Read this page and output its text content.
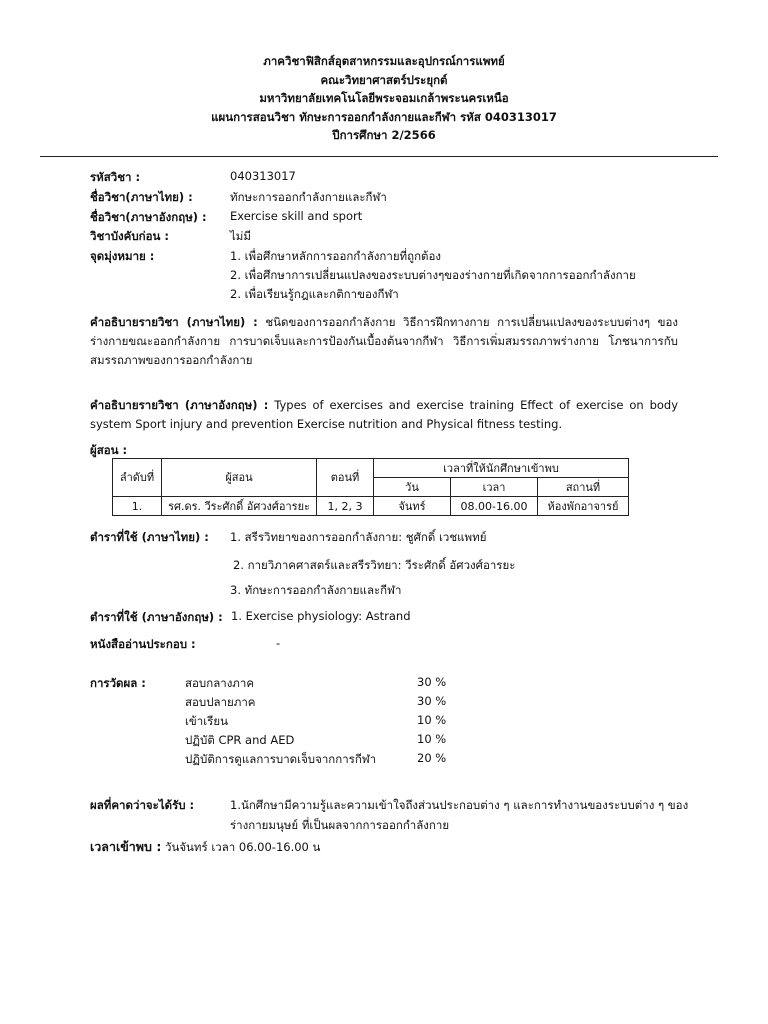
ภาควิชาฟิสิกส์อุตสาหกรรมและอุปกรณ์การแพทย์
คณะวิทยาศาสตร์ประยุกต์
มหาวิทยาลัยเทคโนโลยีพระจอมเกล้าพระนครเหนือ
แผนการสอนวิชา ทักษะการออกกำลังกายและกีฬา รหัส 040313017
ปีการศึกษา 2/2566
รหัสวิชา :	040313017
ชื่อวิชา(ภาษาไทย) :	ทักษะการออกกำลังกายและกีฬา
ชื่อวิชา(ภาษาอังกฤษ) : Exercise skill and sport
วิชาบังคับก่อน :	ไม่มี
จุดมุ่งหมาย :	1. เพื่อศึกษาหลักการออกกำลังกายที่ถูกต้อง
2. เพื่อศึกษาการเปลี่ยนแปลงของระบบต่างๆของร่างกายที่เกิดจากการออกกำลังกาย
2. เพื่อเรียนรู้กฎและกติกาของกีฬา
คำอธิบายรายวิชา (ภาษาไทย) : ชนิดของการออกกำลังกาย วิธีการฝึกทางกาย การเปลี่ยนแปลงของระบบต่างๆ ของร่างกายขณะออกกำลังกาย การบาดเจ็บและการป้องกันเบื้องต้นจากกีฬา วิธีการเพิ่มสมรรถภาพร่างกาย โภชนาการกับสมรรถภาพของการออกกำลังกาย
คำอธิบายรายวิชา (ภาษาอังกฤษ) : Types of exercises and exercise training Effect of exercise on body system Sport injury and prevention Exercise nutrition and Physical fitness testing.
ผู้สอน :
ลำดับที่	ผู้สอน	ตอนที่	เวลาที่ให้นักศึกษาเข้าพบ		
			วัน	เวลา	สถานที่
1.	รศ.ดร. วีระศักดิ์ อัศวงศ์อารยะ	1, 2, 3	จันทร์	08.00-16.00	ห้องพักอาจารย์
ตำราที่ใช้ (ภาษาไทย) : 1. สรีรวิทยาของการออกกำลังกาย: ชูศักดิ์ เวชแพทย์
2. กายวิภาคศาสตร์และสรีรวิทยา: วีระศักดิ์ อัศวงศ์อารยะ
3. ทักษะการออกกำลังกายและกีฬา
ตำราที่ใช้ (ภาษาอังกฤษ) : 1. Exercise physiology: Astrand
หนังสืออ่านประกอบ :	-
การวัดผล :	สอบกลางภาค	30 %
สอบปลายภาค	30 %
เข้าเรียน	10 %
ปฏิบัติ CPR and AED	10 %
ปฏิบัติการดูแลการบาดเจ็บจากการกีฬา	20 %
ผลที่คาดว่าจะได้รับ :	1.นักศึกษามีความรู้และความเข้าใจถึงส่วนประกอบต่าง ๆ และการทำงานของระบบต่าง ๆ ของ
ร่างกายมนุษย์ ที่เป็นผลจากการออกกำลังกาย
เวลาเข้าพบ : วันจันทร์ เวลา 06.00-16.00 น
